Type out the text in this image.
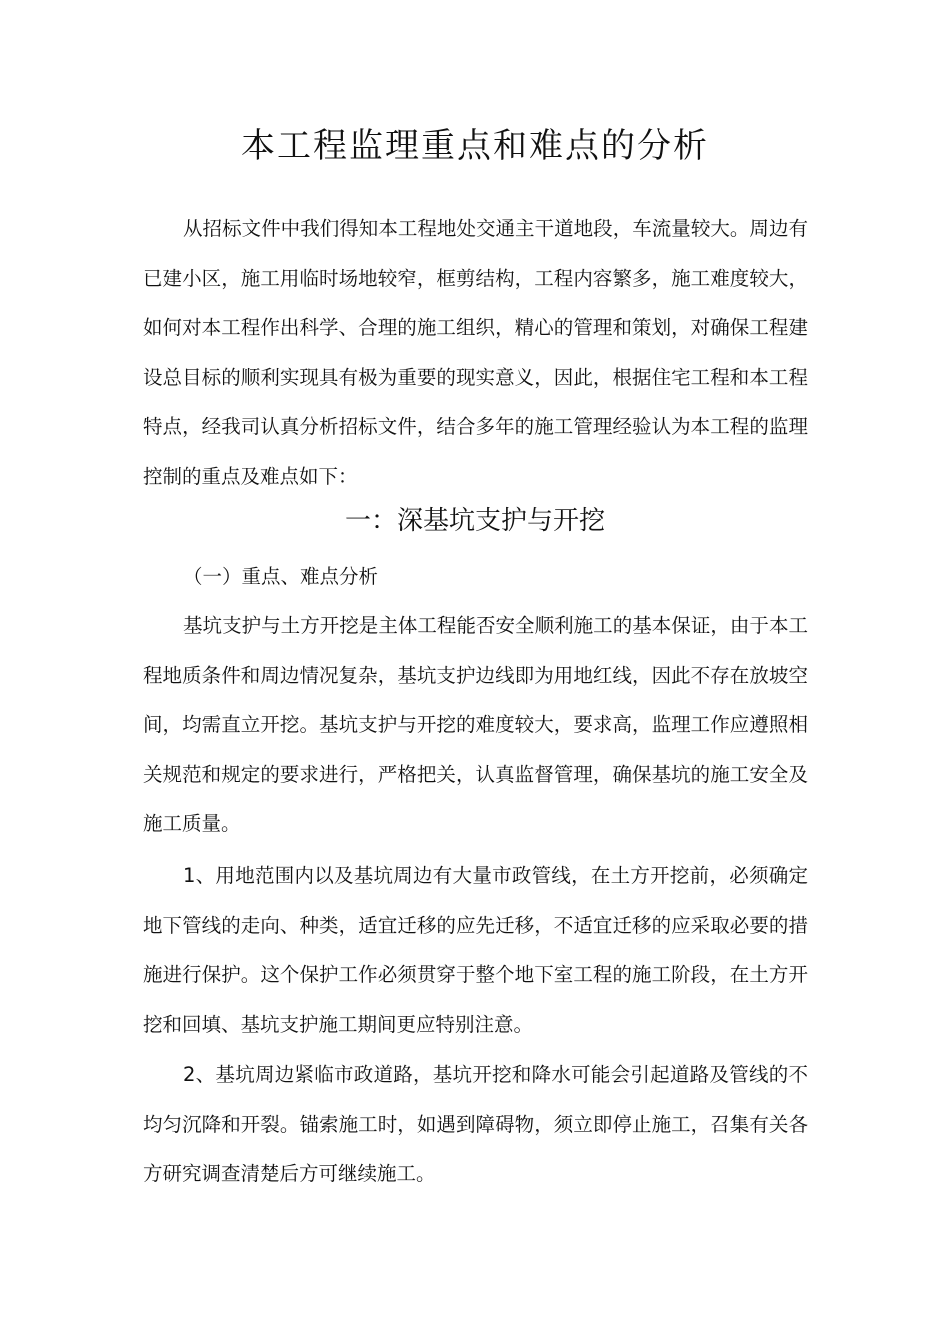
本工程监理重点和难点的分析

从招标文件中我们得知本工程地处交通主干道地段，车流量较大。周边有已建小区，施工用临时场地较窄，框剪结构，工程内容繁多，施工难度较大，如何对本工程作出科学、合理的施工组织，精心的管理和策划，对确保工程建设总目标的顺利实现具有极为重要的现实意义，因此，根据住宅工程和本工程特点，经我司认真分析招标文件，结合多年的施工管理经验认为本工程的监理控制的重点及难点如下：

一：深基坑支护与开挖

（一）重点、难点分析

基坑支护与土方开挖是主体工程能否安全顺利施工的基本保证，由于本工程地质条件和周边情况复杂，基坑支护边线即为用地红线，因此不存在放坡空间，均需直立开挖。基坑支护与开挖的难度较大，要求高，监理工作应遵照相关规范和规定的要求进行，严格把关，认真监督管理，确保基坑的施工安全及施工质量。

1、用地范围内以及基坑周边有大量市政管线，在土方开挖前，必须确定地下管线的走向、种类，适宜迁移的应先迁移，不适宜迁移的应采取必要的措施进行保护。这个保护工作必须贯穿于整个地下室工程的施工阶段，在土方开挖和回填、基坑支护施工期间更应特别注意。

2、基坑周边紧临市政道路，基坑开挖和降水可能会引起道路及管线的不均匀沉降和开裂。锚索施工时，如遇到障碍物，须立即停止施工，召集有关各方研究调查清楚后方可继续施工。
